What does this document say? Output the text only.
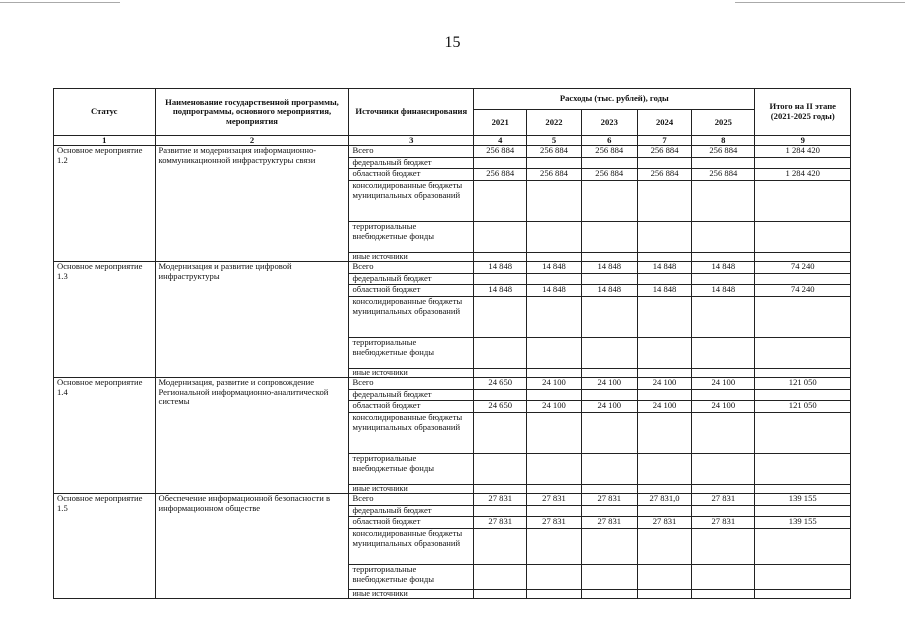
15
Статус	Наименование государственной программы, подпрограммы, основного мероприятия, мероприятия	Источники финансирования	Расходы (тыс. рублей), годы					Итого на II этапе (2021-2025 годы)
			2021	2022	2023	2024	2025	
1	2	3	4	5	6	7	8	9
Основное мероприятие 1.2	Развитие и модернизация информационно-коммуникационной инфраструктуры связи	Всего	256 884	256 884	256 884	256 884	256 884	1 284 420
		федеральный бюджет						
		областной бюджет	256 884	256 884	256 884	256 884	256 884	1 284 420
		консолидированные бюджеты муниципальных образований						
		территориальные внебюджетные фонды						
		иные источники						
Основное мероприятие 1.3	Модернизация и развитие цифровой инфраструктуры	Всего	14 848	14 848	14 848	14 848	14 848	74 240
		федеральный бюджет						
		областной бюджет	14 848	14 848	14 848	14 848	14 848	74 240
		консолидированные бюджеты муниципальных образований						
		территориальные внебюджетные фонды						
		иные источники						
Основное мероприятие 1.4	Модернизация, развитие и сопровождение Региональной информационно-аналитической системы	Всего	24 650	24 100	24 100	24 100	24 100	121 050
		федеральный бюджет						
		областной бюджет	24 650	24 100	24 100	24 100	24 100	121 050
		консолидированные бюджеты муниципальных образований						
		территориальные внебюджетные фонды						
		иные источники						
Основное мероприятие 1.5	Обеспечение информационной безопасности в информационном обществе	Всего	27 831	27 831	27 831	27 831,0	27 831	139 155
		федеральный бюджет						
		областной бюджет	27 831	27 831	27 831	27 831	27 831	139 155
		консолидированные бюджеты муниципальных образований						
		территориальные внебюджетные фонды						
		иные источники						
